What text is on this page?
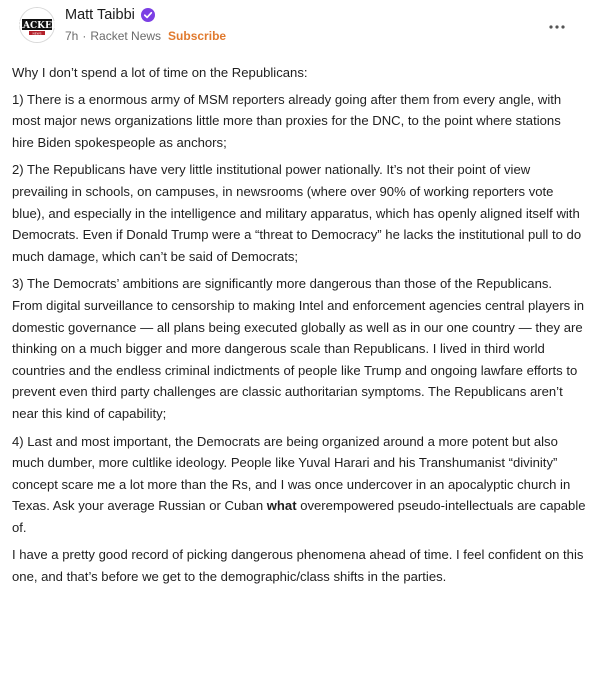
RACKET
NEWS
Matt Taibbi
7h · Racket News Subscribe

Why I don’t spend a lot of time on the Republicans:

1) There is a enormous army of MSM reporters already going after them from every angle, with most major news organizations little more than proxies for the DNC, to the point where stations hire Biden spokespeople as anchors;

2) The Republicans have very little institutional power nationally. It’s not their point of view prevailing in schools, on campuses, in newsrooms (where over 90% of working reporters vote blue), and especially in the intelligence and military apparatus, which has openly aligned itself with Democrats. Even if Donald Trump were a “threat to Democracy” he lacks the institutional pull to do much damage, which can’t be said of Democrats;

3) The Democrats’ ambitions are significantly more dangerous than those of the Republicans. From digital surveillance to censorship to making Intel and enforcement agencies central players in domestic governance — all plans being executed globally as well as in our one country — they are thinking on a much bigger and more dangerous scale than Republicans. I lived in third world countries and the endless criminal indictments of people like Trump and ongoing lawfare efforts to prevent even third party challenges are classic authoritarian symptoms. The Republicans aren’t near this kind of capability;

4) Last and most important, the Democrats are being organized around a more potent but also much dumber, more cultlike ideology. People like Yuval Harari and his Transhumanist “divinity” concept scare me a lot more than the Rs, and I was once undercover in an apocalyptic church in Texas. Ask your average Russian or Cuban what overempowered pseudo-intellectuals are capable of.

I have a pretty good record of picking dangerous phenomena ahead of time. I feel confident on this one, and that’s before we get to the demographic/class shifts in the parties.
